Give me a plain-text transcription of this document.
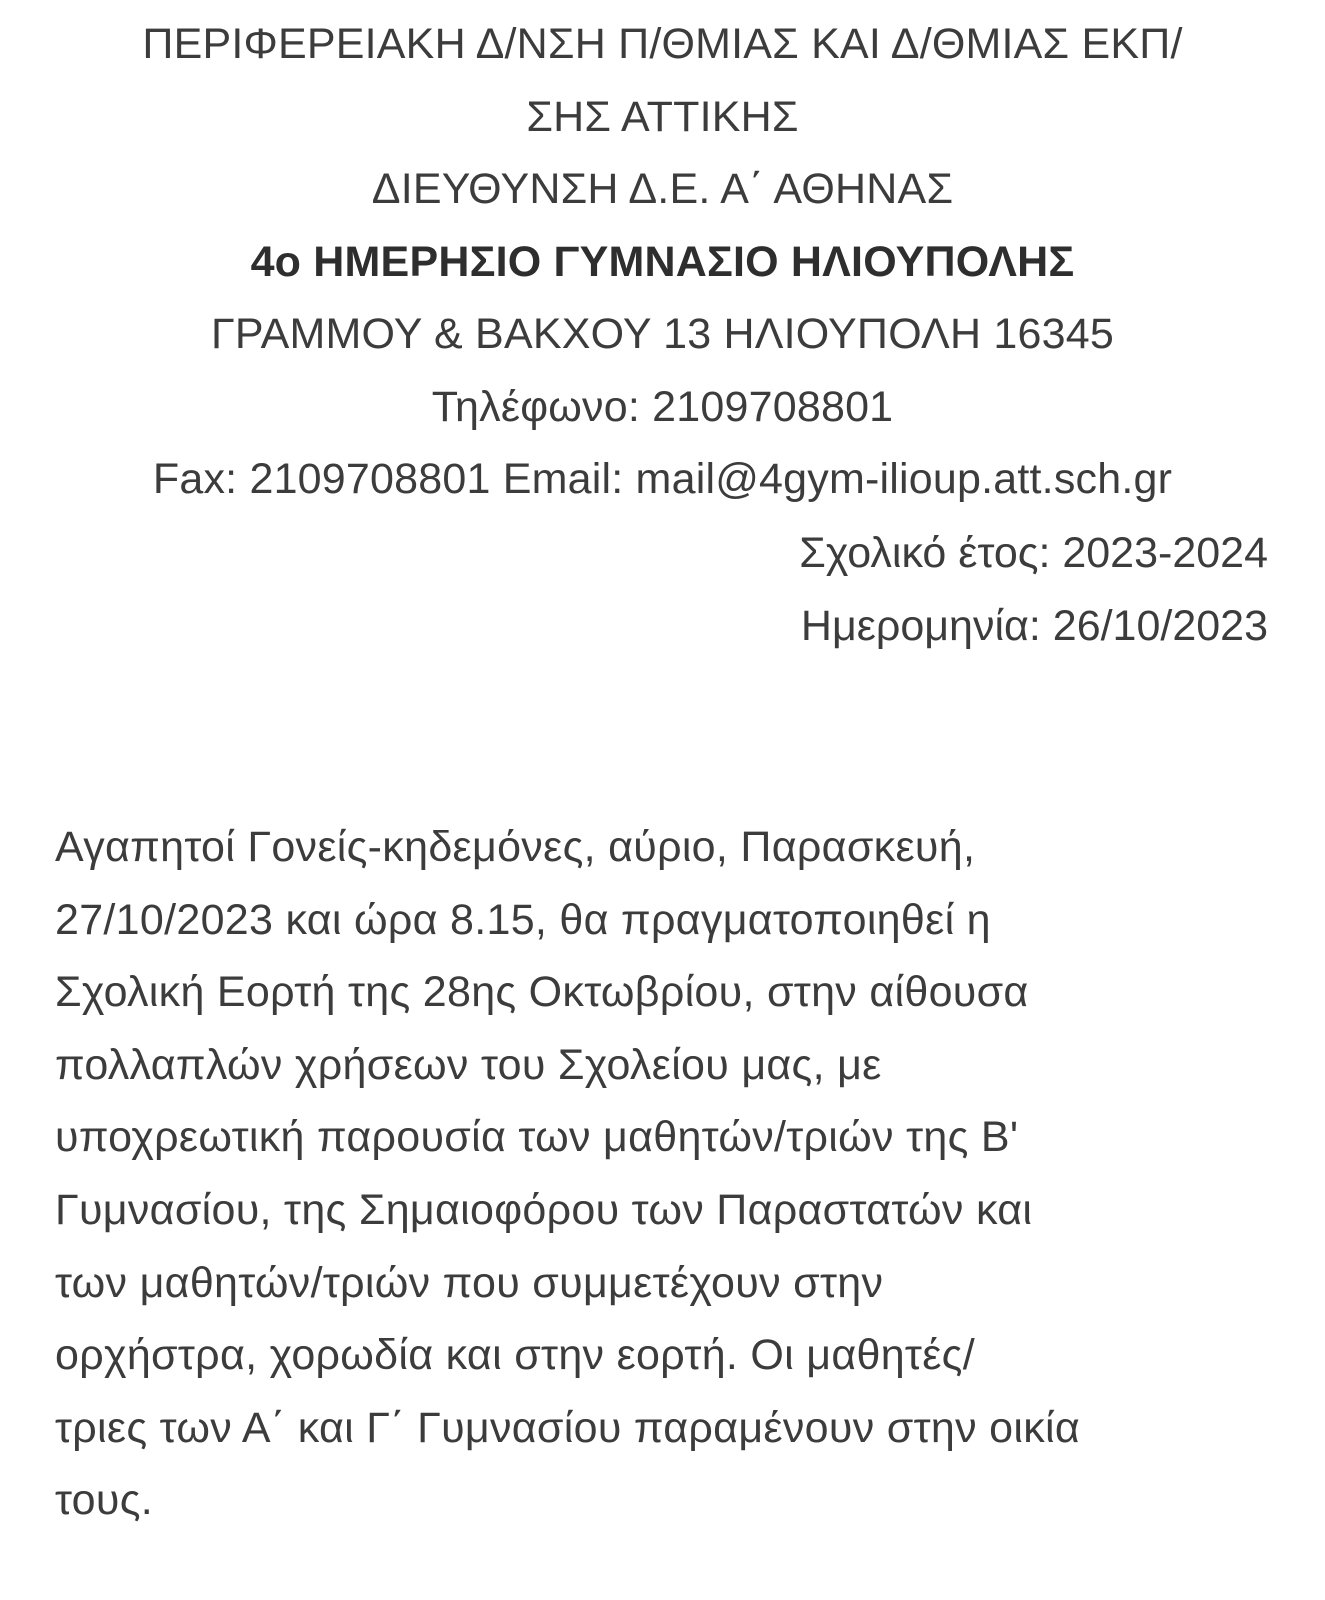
ΠΕΡΙΦΕΡΕΙΑΚΗ Δ/ΝΣΗ Π/ΘΜΙΑΣ ΚΑΙ Δ/ΘΜΙΑΣ ΕΚΠ/
ΣΗΣ ΑΤΤΙΚΗΣ
ΔΙΕΥΘΥΝΣΗ Δ.Ε. Α΄ ΑΘΗΝΑΣ
4ο ΗΜΕΡΗΣΙΟ ΓΥΜΝΑΣΙΟ ΗΛΙΟΥΠΟΛΗΣ
ΓΡΑΜΜΟΥ & ΒΑΚΧΟΥ 13 ΗΛΙΟΥΠΟΛΗ 16345
Τηλέφωνο: 2109708801
Fax: 2109708801 Email: mail@4gym-ilioup.att.sch.gr
Σχολικό έτος: 2023-2024
Ημερομηνία: 26/10/2023
Αγαπητοί Γονείς-κηδεμόνες, αύριο, Παρασκευή,
27/10/2023 και ώρα 8.15, θα πραγματοποιηθεί η
Σχολική Εορτή της 28ης Οκτωβρίου, στην αίθουσα
πολλαπλών χρήσεων του Σχολείου μας, με
υποχρεωτική παρουσία των μαθητών/τριών της Β'
Γυμνασίου, της Σημαιοφόρου των Παραστατών και
των μαθητών/τριών που συμμετέχουν στην
ορχήστρα, χορωδία και στην εορτή. Οι μαθητές/
τριες των Α΄ και Γ΄ Γυμνασίου παραμένουν στην οικία
τους.
